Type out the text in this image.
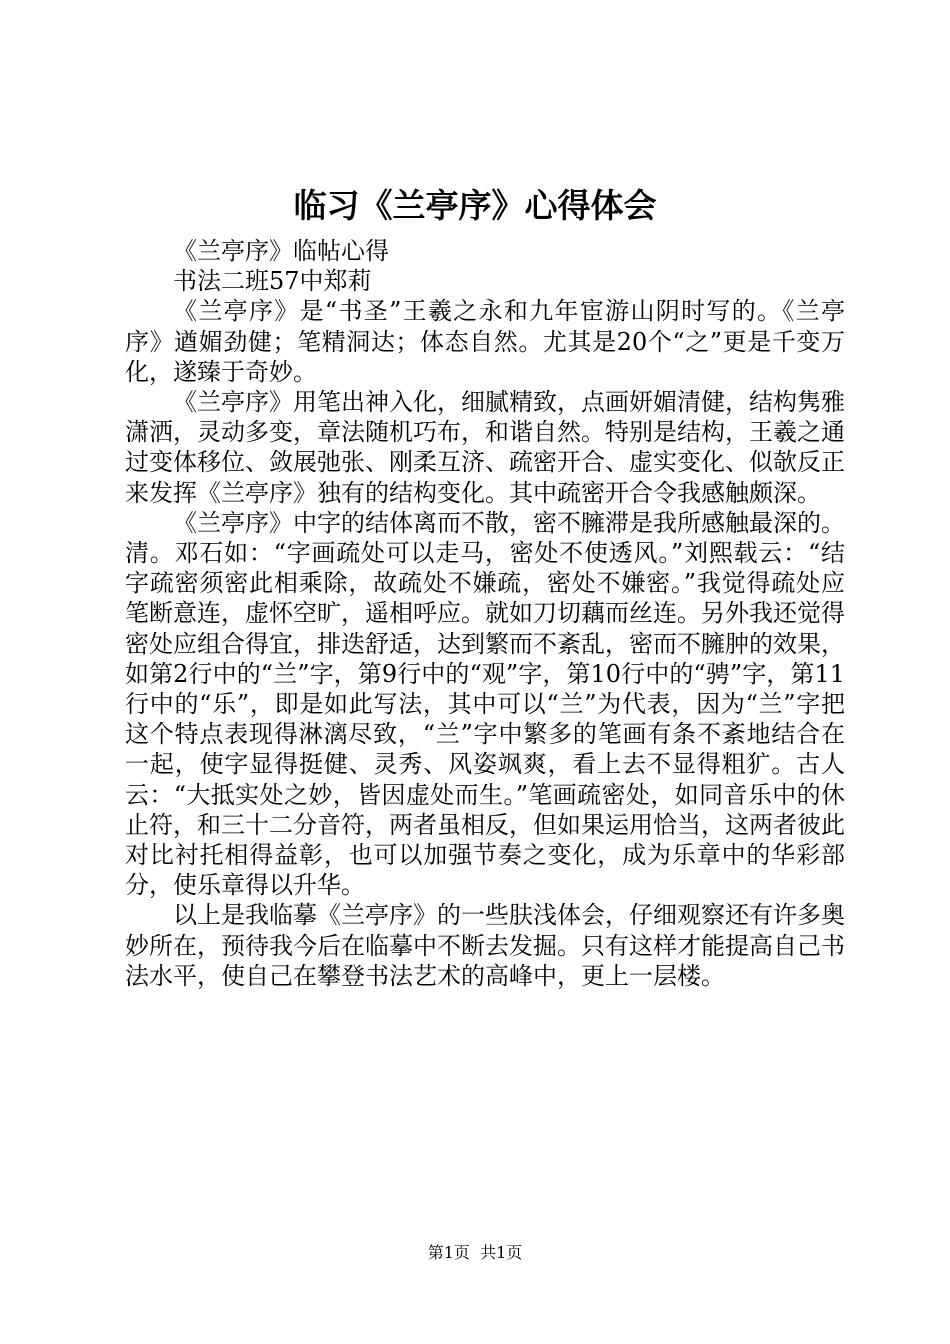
临习《兰亭序》心得体会

《兰亭序》临帖心得

书法二班57中郑莉

《兰亭序》是“书圣”王羲之永和九年宦游山阴时写的。《兰亭序》遒媚劲健；笔精洞达；体态自然。尤其是20个“之”更是千变万化，遂臻于奇妙。

《兰亭序》用笔出神入化，细腻精致，点画妍媚清健，结构隽雅潇洒，灵动多变，章法随机巧布，和谐自然。特别是结构，王羲之通过变体移位、敛展弛张、刚柔互济、疏密开合、虚实变化、似欹反正来发挥《兰亭序》独有的结构变化。其中疏密开合令我感触颇深。

《兰亭序》中字的结体离而不散，密不臃滞是我所感触最深的。清。邓石如：“字画疏处可以走马，密处不使透风。”刘熙载云：“结字疏密须密此相乘除，故疏处不嫌疏，密处不嫌密。”我觉得疏处应笔断意连，虚怀空旷，遥相呼应。就如刀切藕而丝连。另外我还觉得密处应组合得宜，排迭舒适，达到繁而不紊乱，密而不臃肿的效果，如第2行中的“兰”字，第9行中的“观”字，第10行中的“骋”字，第11行中的“乐”，即是如此写法，其中可以“兰”为代表，因为“兰”字把这个特点表现得淋漓尽致，“兰”字中繁多的笔画有条不紊地结合在一起，使字显得挺健、灵秀、风姿飒爽，看上去不显得粗犷。古人云：“大抵实处之妙，皆因虚处而生。”笔画疏密处，如同音乐中的休止符，和三十二分音符，两者虽相反，但如果运用恰当，这两者彼此对比衬托相得益彰，也可以加强节奏之变化，成为乐章中的华彩部分，使乐章得以升华。

以上是我临摹《兰亭序》的一些肤浅体会，仔细观察还有许多奥妙所在，预待我今后在临摹中不断去发掘。只有这样才能提高自己书法水平，使自己在攀登书法艺术的高峰中，更上一层楼。

第1页 共1页
